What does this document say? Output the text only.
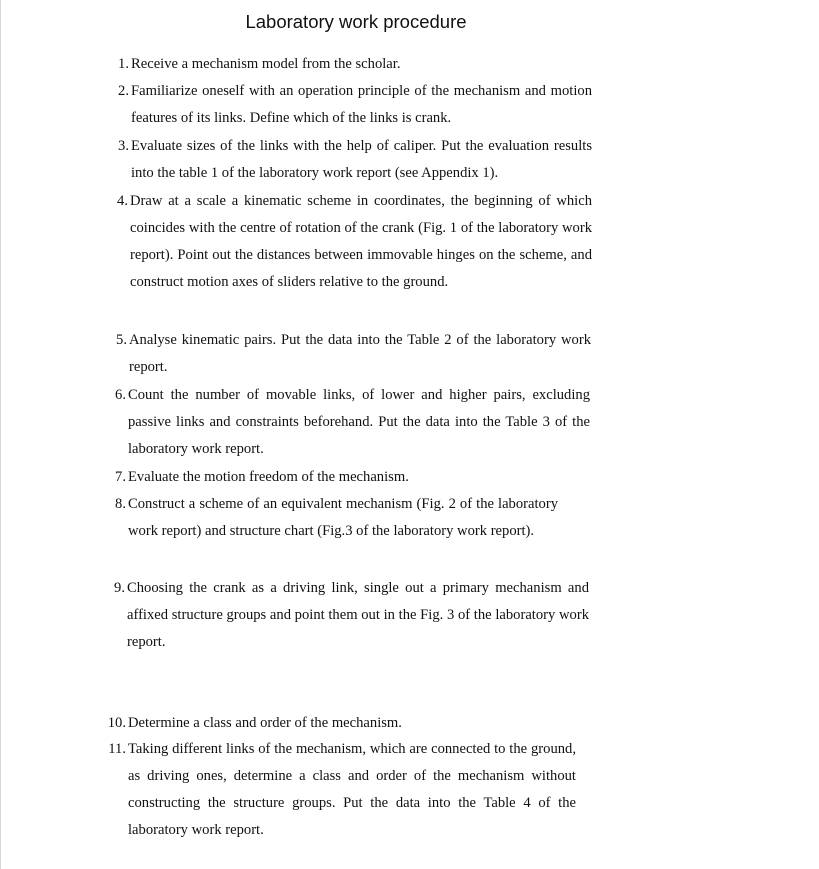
Laboratory work procedure
1. Receive a mechanism model from the scholar.
2. Familiarize oneself with an operation principle of the mechanism and motion features of its links. Define which of the links is crank.
3. Evaluate sizes of the links with the help of caliper. Put the evaluation results into the table 1 of the laboratory work report (see Appendix 1).
4. Draw at a scale a kinematic scheme in coordinates, the beginning of which coincides with the centre of rotation of the crank (Fig. 1 of the laboratory work report). Point out the distances between immovable hinges on the scheme, and construct motion axes of sliders relative to the ground.
5. Analyse kinematic pairs. Put the data into the Table 2 of the laboratory work report.
6. Count the number of movable links, of lower and higher pairs, excluding passive links and constraints beforehand. Put the data into the Table 3 of the laboratory work report.
7. Evaluate the motion freedom of the mechanism.
8. Construct a scheme of an equivalent mechanism (Fig. 2 of the laboratory work report) and structure chart (Fig.3 of the laboratory work report).
9. Choosing the crank as a driving link, single out a primary mechanism and affixed structure groups and point them out in the Fig. 3 of the laboratory work report.
10. Determine a class and order of the mechanism.
11. Taking different links of the mechanism, which are connected to the ground, as driving ones, determine a class and order of the mechanism without constructing the structure groups. Put the data into the Table 4 of the laboratory work report.
